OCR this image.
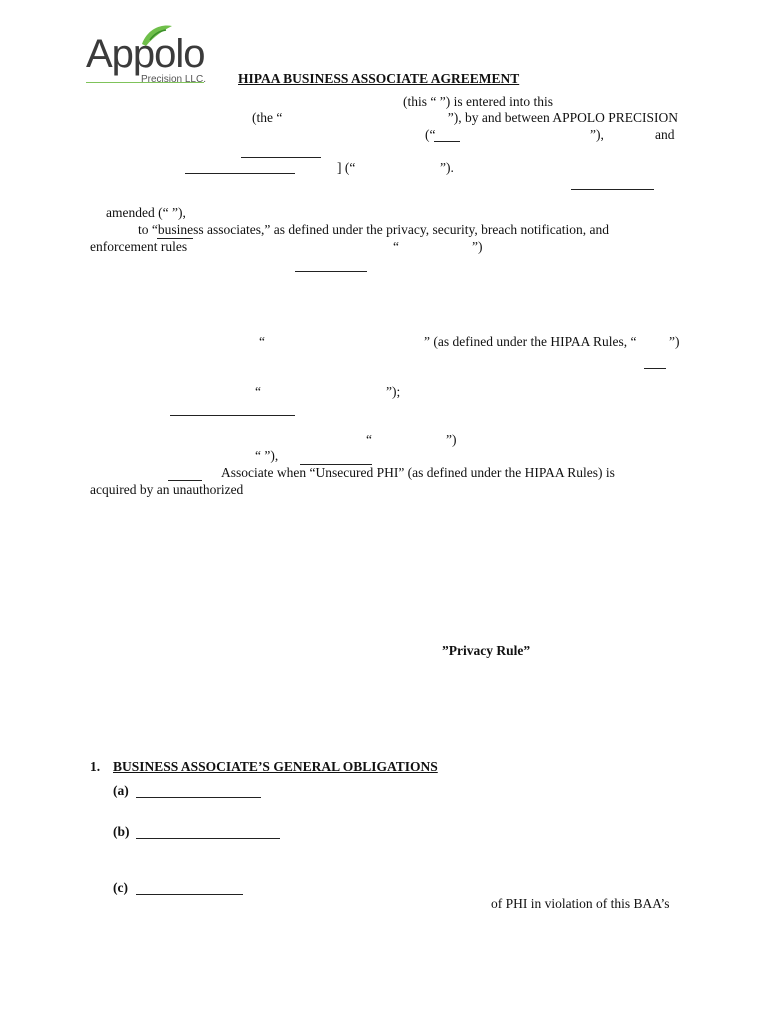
Appolo
Precision LLC. HIPAA BUSINESS ASSOCIATE AGREEMENT
(this “ ”) is entered into this
(the “	”), by and between APPOLO PRECISION
(“	”),	and
] (“	”).
amended (“ ”),
to “business associates,” as defined under the privacy, security, breach notification, and
enforcement rules	“	”)
“	” (as defined under the HIPAA Rules, “ ”)
“	”);
“	”)
“ ”),
Associate when “Unsecured PHI” (as defined under the HIPAA Rules) is
acquired by an unauthorized
”Privacy Rule”
1. BUSINESS ASSOCIATE’S GENERAL OBLIGATIONS
(a)
(b)
(c)
of PHI in violation of this BAA’s
